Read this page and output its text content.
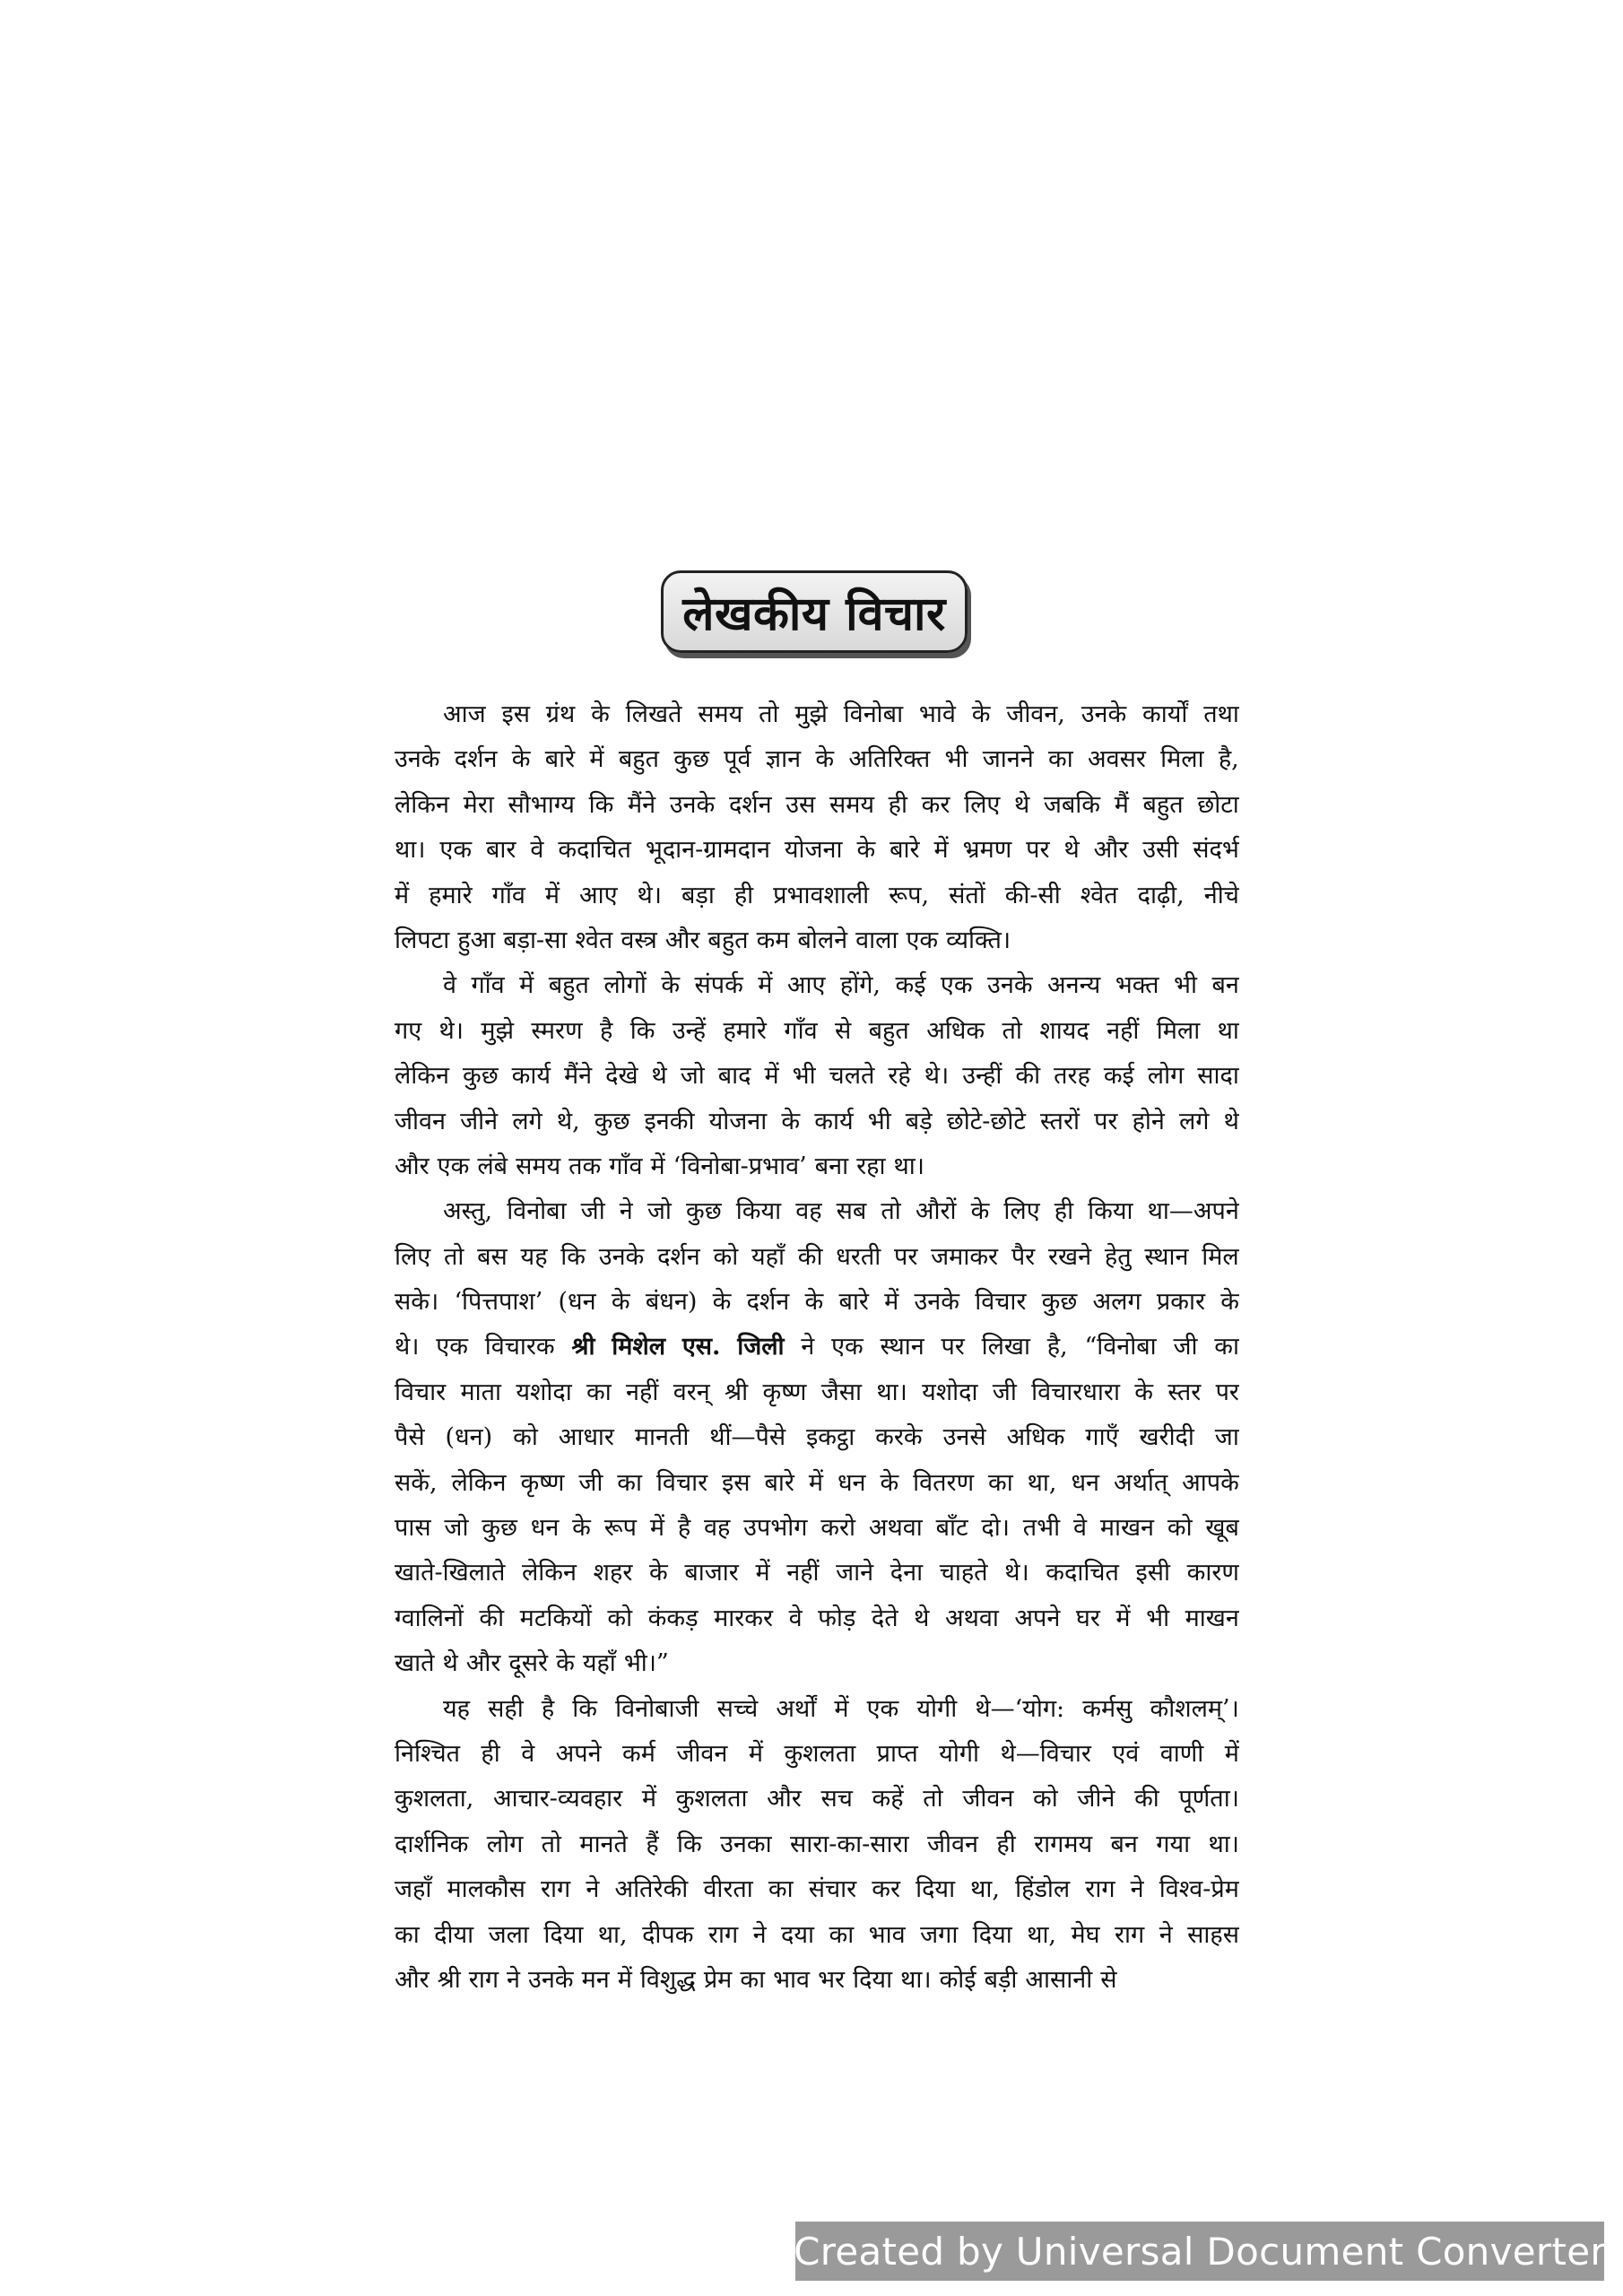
लेखकीय विचार
आज इस ग्रंथ के लिखते समय तो मुझे विनोबा भावे के जीवन, उनके कार्यों तथा
उनके दर्शन के बारे में बहुत कुछ पूर्व ज्ञान के अतिरिक्त भी जानने का अवसर मिला है,
लेकिन मेरा सौभाग्य कि मैंने उनके दर्शन उस समय ही कर लिए थे जबकि मैं बहुत छोटा
था। एक बार वे कदाचित भूदान-ग्रामदान योजना के बारे में भ्रमण पर थे और उसी संदर्भ
में हमारे गाँव में आए थे। बड़ा ही प्रभावशाली रूप, संतों की-सी श्वेत दाढ़ी, नीचे
लिपटा हुआ बड़ा-सा श्वेत वस्त्र और बहुत कम बोलने वाला एक व्यक्ति।
वे गाँव में बहुत लोगों के संपर्क में आए होंगे, कई एक उनके अनन्य भक्त भी बन
गए थे। मुझे स्मरण है कि उन्हें हमारे गाँव से बहुत अधिक तो शायद नहीं मिला था
लेकिन कुछ कार्य मैंने देखे थे जो बाद में भी चलते रहे थे। उन्हीं की तरह कई लोग सादा
जीवन जीने लगे थे, कुछ इनकी योजना के कार्य भी बड़े छोटे-छोटे स्तरों पर होने लगे थे
और एक लंबे समय तक गाँव में ‘विनोबा-प्रभाव’ बना रहा था।
अस्तु, विनोबा जी ने जो कुछ किया वह सब तो औरों के लिए ही किया था—अपने
लिए तो बस यह कि उनके दर्शन को यहाँ की धरती पर जमाकर पैर रखने हेतु स्थान मिल
सके। ‘पित्तपाश’ (धन के बंधन) के दर्शन के बारे में उनके विचार कुछ अलग प्रकार के
थे। एक विचारक श्री मिशेल एस. जिली ने एक स्थान पर लिखा है, “विनोबा जी का
विचार माता यशोदा का नहीं वरन् श्री कृष्ण जैसा था। यशोदा जी विचारधारा के स्तर पर
पैसे (धन) को आधार मानती थीं—पैसे इकट्ठा करके उनसे अधिक गाएँ खरीदी जा
सकें, लेकिन कृष्ण जी का विचार इस बारे में धन के वितरण का था, धन अर्थात् आपके
पास जो कुछ धन के रूप में है वह उपभोग करो अथवा बाँट दो। तभी वे माखन को खूब
खाते-खिलाते लेकिन शहर के बाजार में नहीं जाने देना चाहते थे। कदाचित इसी कारण
ग्वालिनों की मटकियों को कंकड़ मारकर वे फोड़ देते थे अथवा अपने घर में भी माखन
खाते थे और दूसरे के यहाँ भी।”
यह सही है कि विनोबाजी सच्चे अर्थों में एक योगी थे—‘योग: कर्मसु कौशलम्’।
निश्चित ही वे अपने कर्म जीवन में कुशलता प्राप्त योगी थे—विचार एवं वाणी में
कुशलता, आचार-व्यवहार में कुशलता और सच कहें तो जीवन को जीने की पूर्णता।
दार्शनिक लोग तो मानते हैं कि उनका सारा-का-सारा जीवन ही रागमय बन गया था।
जहाँ मालकौस राग ने अतिरेकी वीरता का संचार कर दिया था, हिंडोल राग ने विश्व-प्रेम
का दीया जला दिया था, दीपक राग ने दया का भाव जगा दिया था, मेघ राग ने साहस
और श्री राग ने उनके मन में विशुद्ध प्रेम का भाव भर दिया था। कोई बड़ी आसानी से
Created by Universal Document Converter
